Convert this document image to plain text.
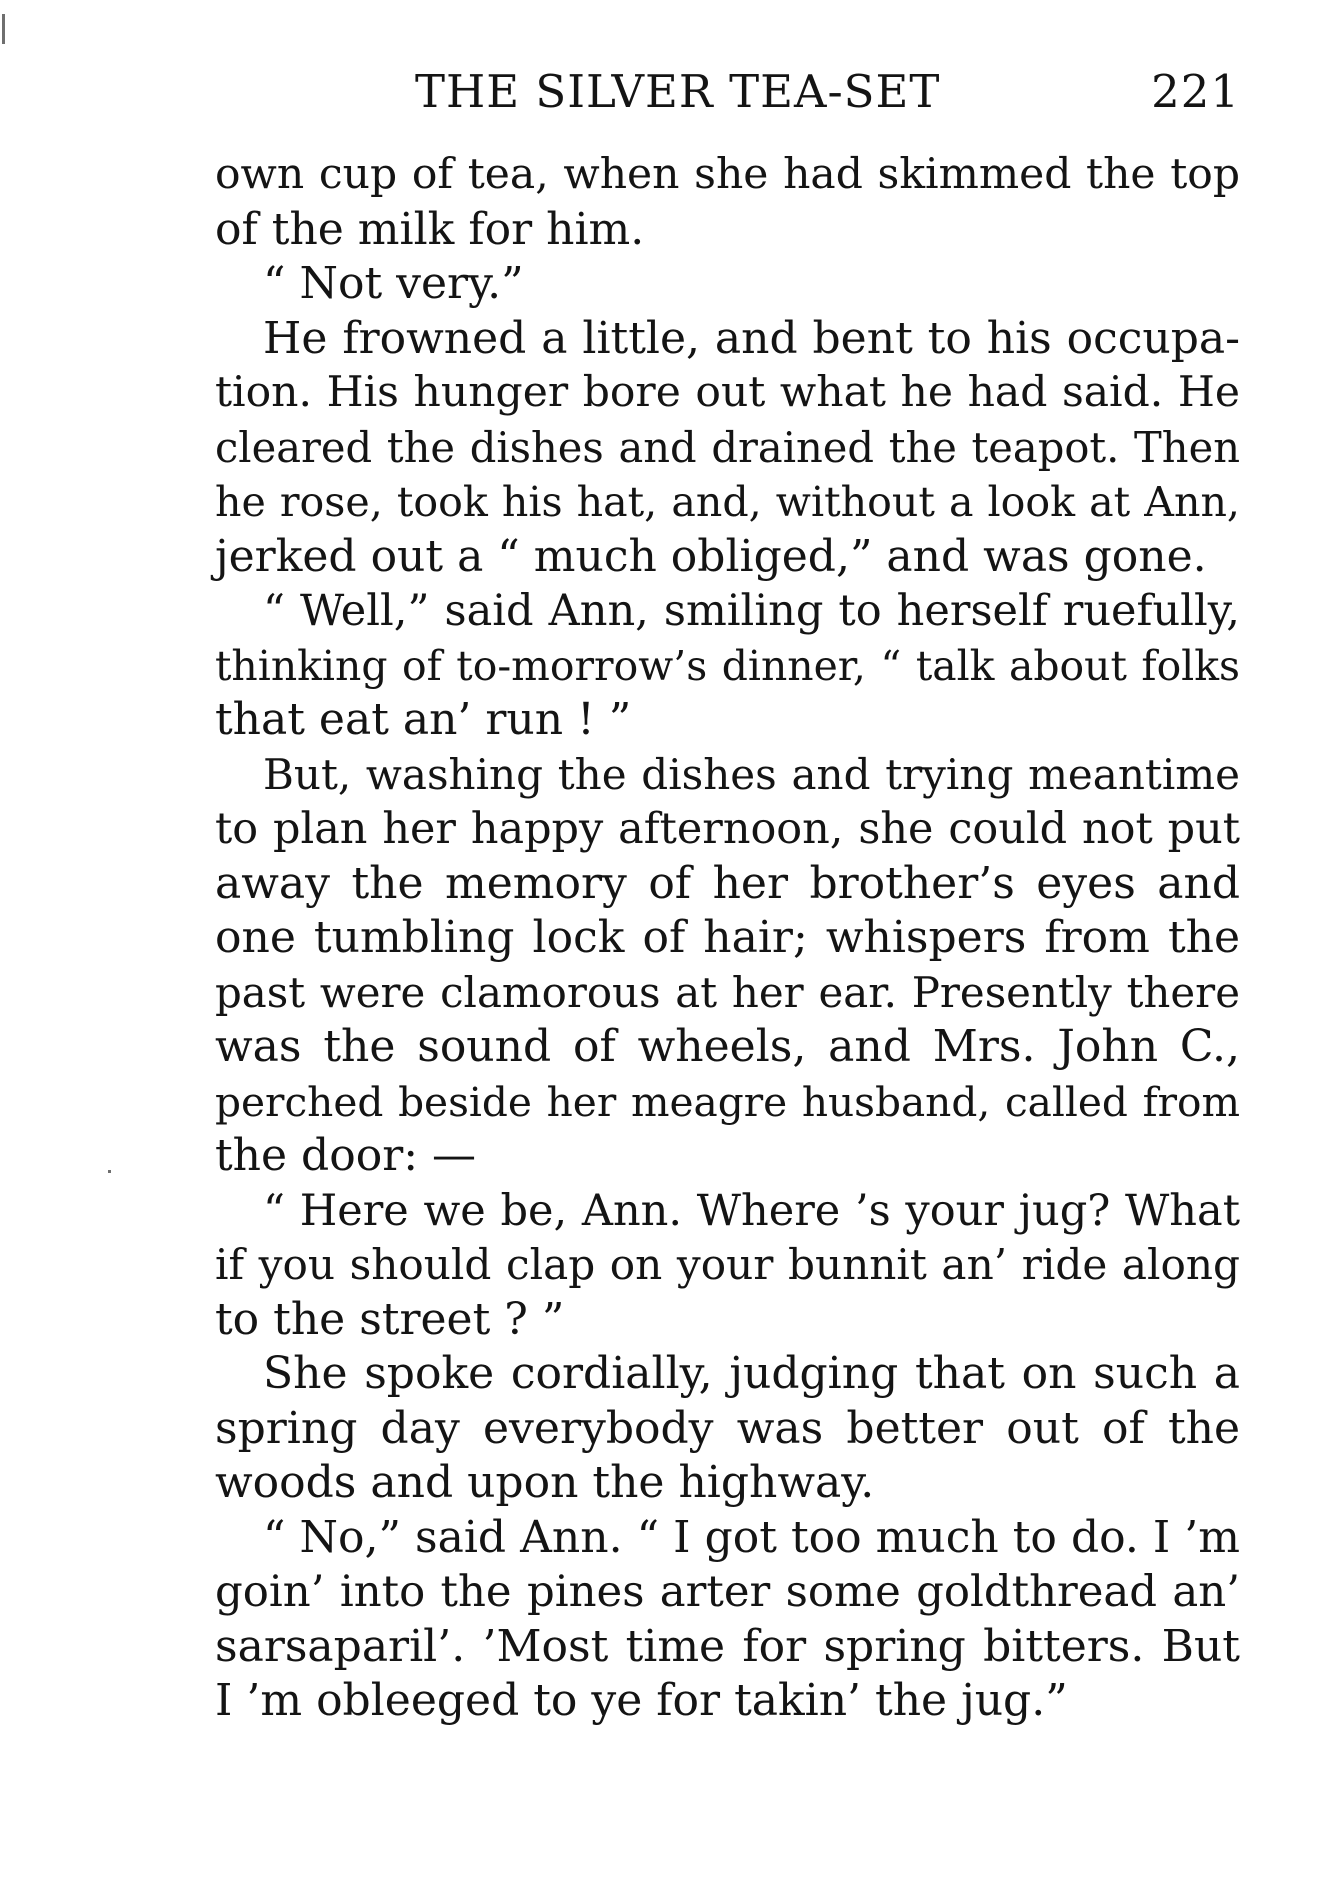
THE SILVER TEA-SET	221
own cup of tea, when she had skimmed the top
of the milk for him.
“ Not very.”
He frowned a little, and bent to his occupa-
tion. His hunger bore out what he had said. He
cleared the dishes and drained the teapot. Then
he rose, took his hat, and, without a look at Ann,
jerked out a “ much obliged,” and was gone.
“ Well,” said Ann, smiling to herself ruefully,
thinking of to-morrow’s dinner, “ talk about folks
that eat an’ run ! ”
But, washing the dishes and trying meantime
to plan her happy afternoon, she could not put
away the memory of her brother’s eyes and
one tumbling lock of hair; whispers from the
past were clamorous at her ear. Presently there
was the sound of wheels, and Mrs. John C.,
perched beside her meagre husband, called from
the door: —
“ Here we be, Ann. Where ’s your jug? What
if you should clap on your bunnit an’ ride along
to the street ? ”
She spoke cordially, judging that on such a
spring day everybody was better out of the
woods and upon the highway.
“ No,” said Ann. “ I got too much to do. I ’m
goin’ into the pines arter some goldthread an’
sarsaparil’. ’Most time for spring bitters. But
I ’m obleeged to ye for takin’ the jug.”
